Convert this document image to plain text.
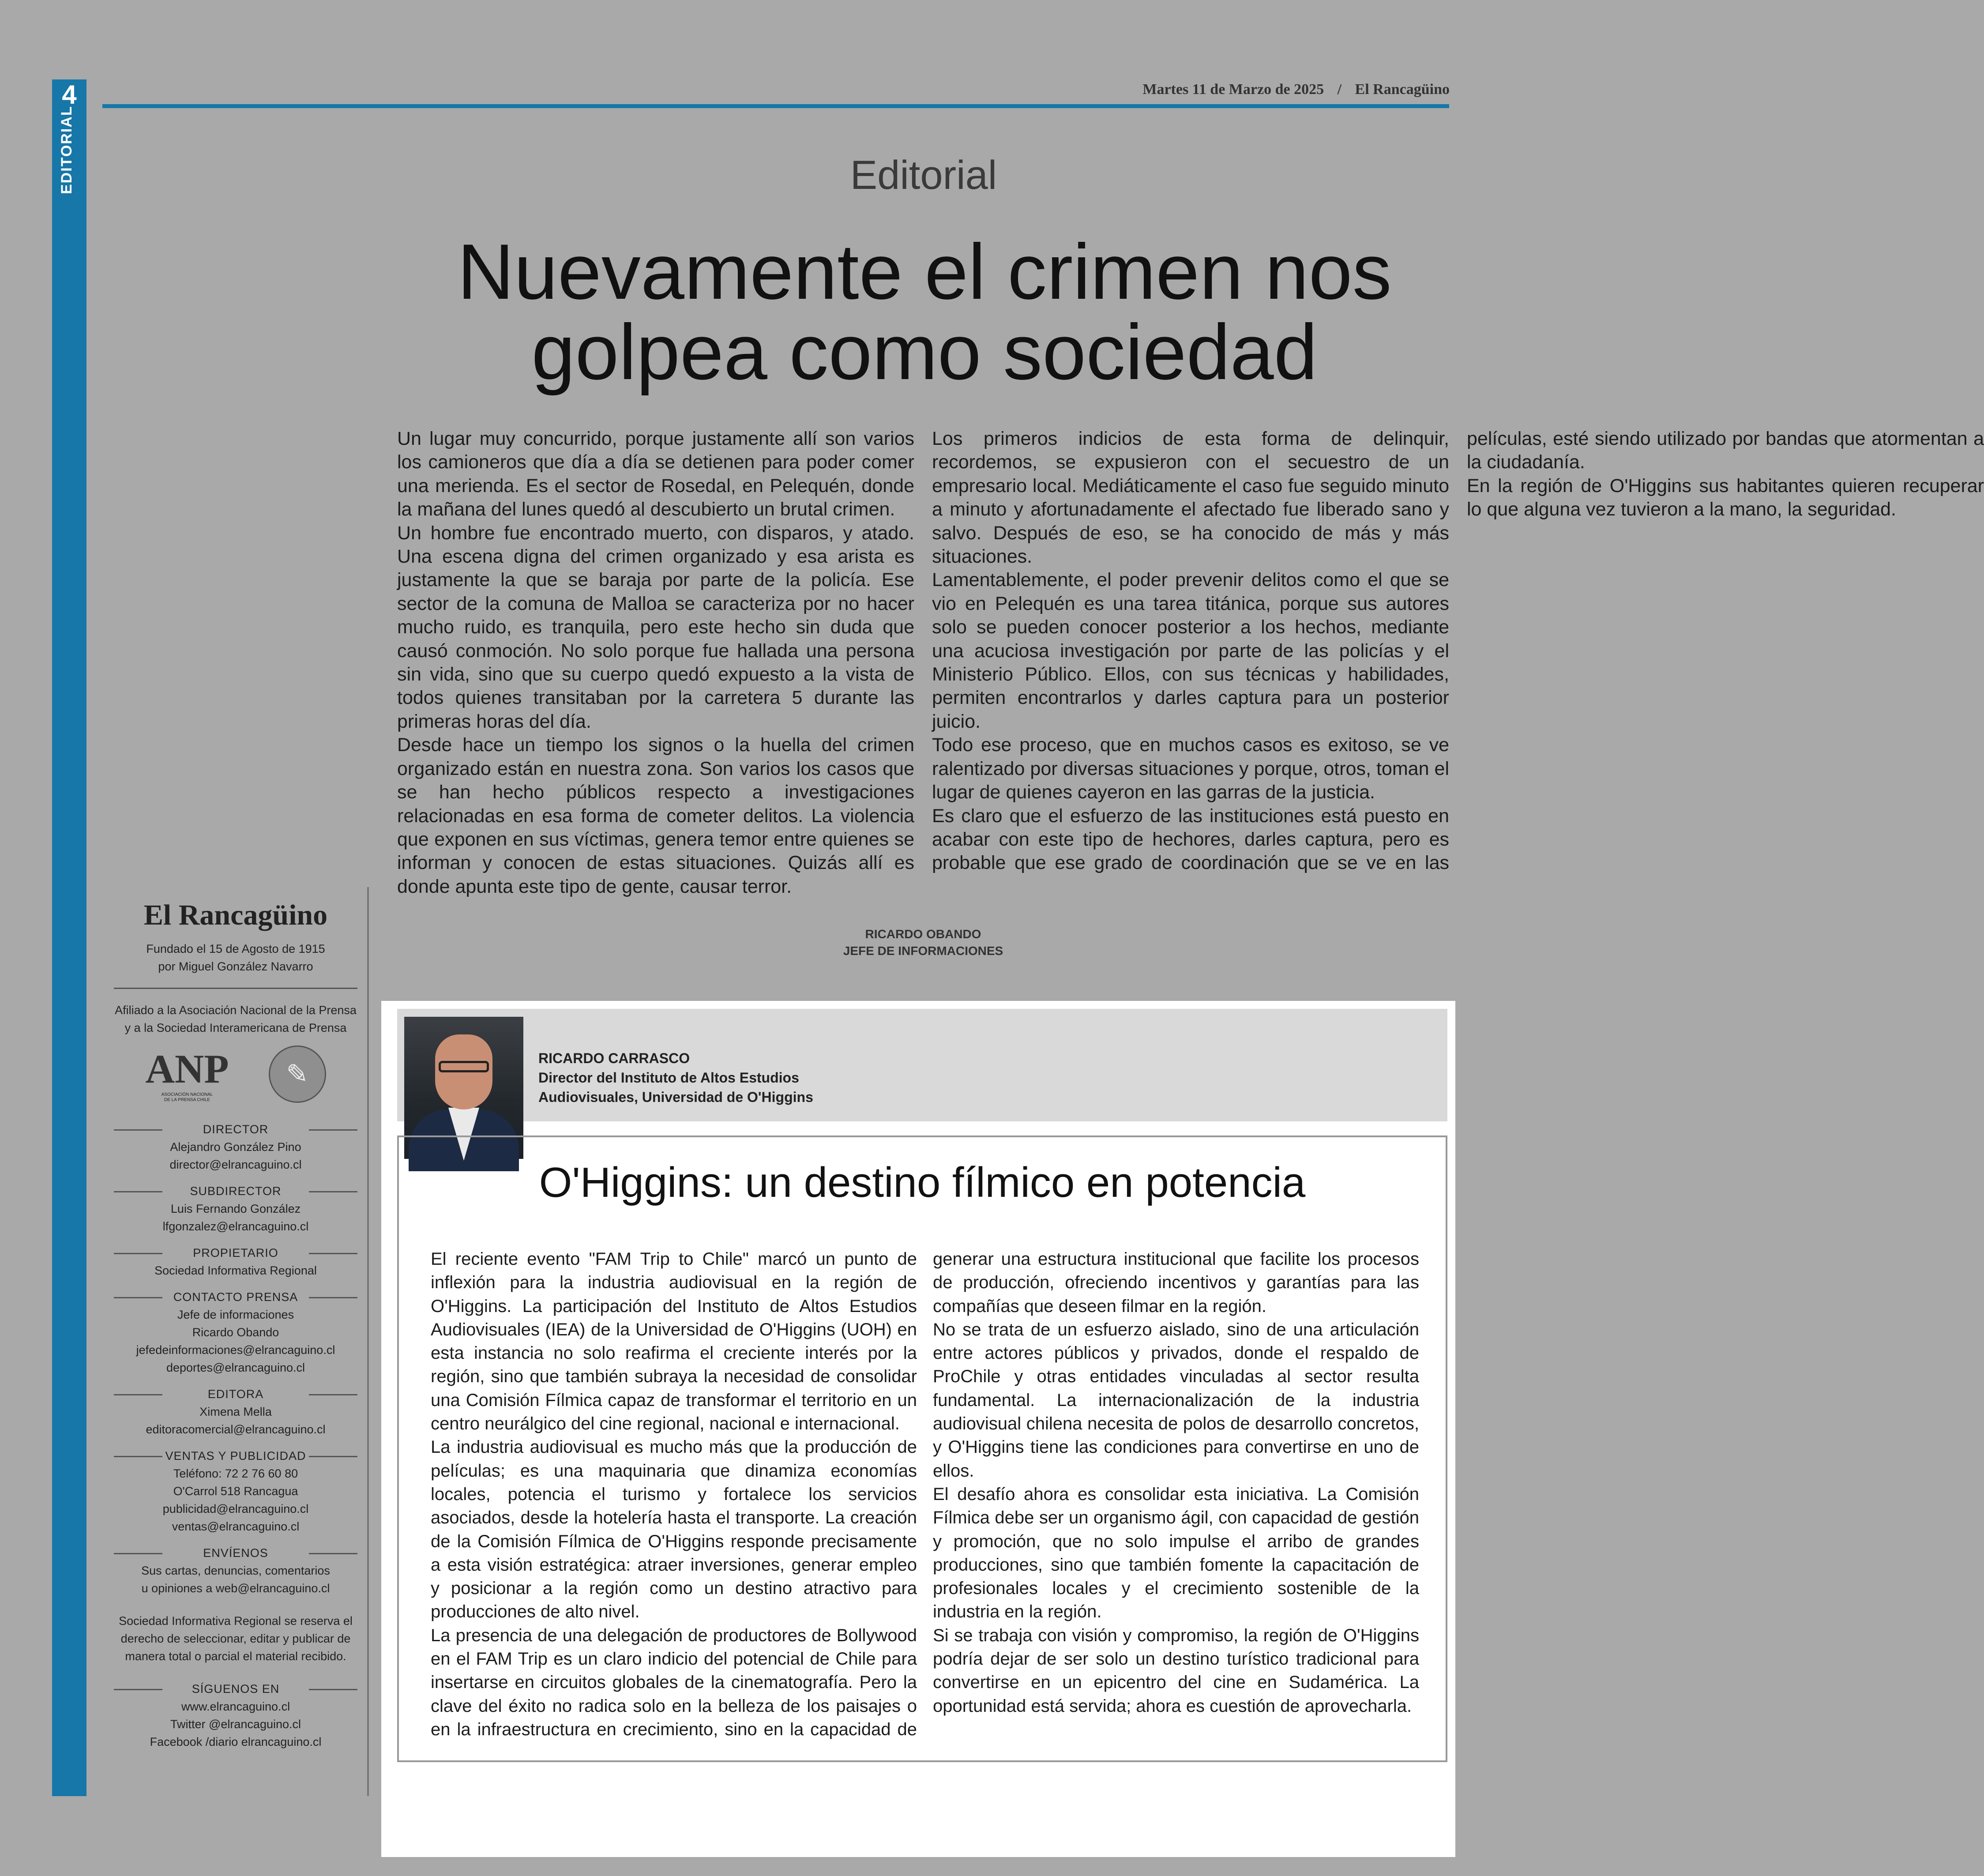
4
EDITORIAL
Martes 11 de Marzo de 2025 / El Rancagüino
Editorial
Nuevamente el crimen nos golpea como sociedad

Un lugar muy concurrido, porque justamente allí son varios los camioneros que día a día se detienen para poder comer una merienda. Es el sector de Rosedal, en Pelequén, donde la mañana del lunes quedó al descubierto un brutal crimen.

Un hombre fue encontrado muerto, con disparos, y atado. Una escena digna del crimen organizado y esa arista es justamente la que se baraja por parte de la policía. Ese sector de la comuna de Malloa se caracteriza por no hacer mucho ruido, es tranquila, pero este hecho sin duda que causó conmoción. No solo porque fue hallada una persona sin vida, sino que su cuerpo quedó expuesto a la vista de todos quienes transitaban por la carretera 5 durante las primeras horas del día.

Desde hace un tiempo los signos o la huella del crimen organizado están en nuestra zona. Son varios los casos que se han hecho públicos respecto a investigaciones relacionadas en esa forma de cometer delitos. La violencia que exponen en sus víctimas, genera temor entre quienes se informan y conocen de estas situaciones. Quizás allí es donde apunta este tipo de gente, causar terror.

Los primeros indicios de esta forma de delinquir, recordemos, se expusieron con el secuestro de un empresario local. Mediáticamente el caso fue seguido minuto a minuto y afortunadamente el afectado fue liberado sano y salvo. Después de eso, se ha conocido de más y más situaciones.

Lamentablemente, el poder prevenir delitos como el que se vio en Pelequén es una tarea titánica, porque sus autores solo se pueden conocer posterior a los hechos, mediante una acuciosa investigación por parte de las policías y el Ministerio Público. Ellos, con sus técnicas y habilidades, permiten encontrarlos y darles captura para un posterior juicio.

Todo ese proceso, que en muchos casos es exitoso, se ve ralentizado por diversas situaciones y porque, otros, toman el lugar de quienes cayeron en las garras de la justicia.

Es claro que el esfuerzo de las instituciones está puesto en acabar con este tipo de hechores, darles captura, pero es probable que ese grado de coordinación que se ve en las películas, esté siendo utilizado por bandas que atormentan a la ciudadanía.

En la región de O'Higgins sus habitantes quieren recuperar lo que alguna vez tuvieron a la mano, la seguridad.

RICARDO OBANDO
JEFE DE INFORMACIONES
El Rancagüino
Fundado el 15 de Agosto de 1915
por Miguel González Navarro
Afiliado a la Asociación Nacional de la Prensa
y a la Sociedad Interamericana de Prensa
ANP
ASOCIACIÓN NACIONAL DE LA PRENSA CHILE
✎
DIRECTOR
Alejandro González Pino
director@elrancaguino.cl
SUBDIRECTOR
Luis Fernando González
lfgonzalez@elrancaguino.cl
PROPIETARIO
Sociedad Informativa Regional
CONTACTO PRENSA
Jefe de informaciones
Ricardo Obando
jefedeinformaciones@elrancaguino.cl
deportes@elrancaguino.cl
EDITORA
Ximena Mella
editoracomercial@elrancaguino.cl
VENTAS Y PUBLICIDAD
Teléfono: 72 2 76 60 80
O'Carrol 518 Rancagua
publicidad@elrancaguino.cl
ventas@elrancaguino.cl
ENVÍENOS
Sus cartas, denuncias, comentarios
u opiniones a web@elrancaguino.cl
Sociedad Informativa Regional se reserva el derecho de seleccionar, editar y publicar de manera total o parcial el material recibido.
SÍGUENOS EN
www.elrancaguino.cl
Twitter @elrancaguino.cl
Facebook /diario elrancaguino.cl
RICARDO CARRASCO
Director del Instituto de Altos Estudios
Audiovisuales, Universidad de O'Higgins
O'Higgins: un destino fílmico en potencia

El reciente evento "FAM Trip to Chile" marcó un punto de inflexión para la industria audiovisual en la región de O'Higgins. La participación del Instituto de Altos Estudios Audiovisuales (IEA) de la Universidad de O'Higgins (UOH) en esta instancia no solo reafirma el creciente interés por la región, sino que también subraya la necesidad de consolidar una Comisión Fílmica capaz de transformar el territorio en un centro neurálgico del cine regional, nacional e internacional.

La industria audiovisual es mucho más que la producción de películas; es una maquinaria que dinamiza economías locales, potencia el turismo y fortalece los servicios asociados, desde la hotelería hasta el transporte. La creación de la Comisión Fílmica de O'Higgins responde precisamente a esta visión estratégica: atraer inversiones, generar empleo y posicionar a la región como un destino atractivo para producciones de alto nivel.

La presencia de una delegación de productores de Bollywood en el FAM Trip es un claro indicio del potencial de Chile para insertarse en circuitos globales de la cinematografía. Pero la clave del éxito no radica solo en la belleza de los paisajes o en la infraestructura en crecimiento, sino en la capacidad de generar una estructura institucional que facilite los procesos de producción, ofreciendo incentivos y garantías para las compañías que deseen filmar en la región.

No se trata de un esfuerzo aislado, sino de una articulación entre actores públicos y privados, donde el respaldo de ProChile y otras entidades vinculadas al sector resulta fundamental. La internacionalización de la industria audiovisual chilena necesita de polos de desarrollo concretos, y O'Higgins tiene las condiciones para convertirse en uno de ellos.

El desafío ahora es consolidar esta iniciativa. La Comisión Fílmica debe ser un organismo ágil, con capacidad de gestión y promoción, que no solo impulse el arribo de grandes producciones, sino que también fomente la capacitación de profesionales locales y el crecimiento sostenible de la industria en la región.

Si se trabaja con visión y compromiso, la región de O'Higgins podría dejar de ser solo un destino turístico tradicional para convertirse en un epicentro del cine en Sudamérica. La oportunidad está servida; ahora es cuestión de aprovecharla.
